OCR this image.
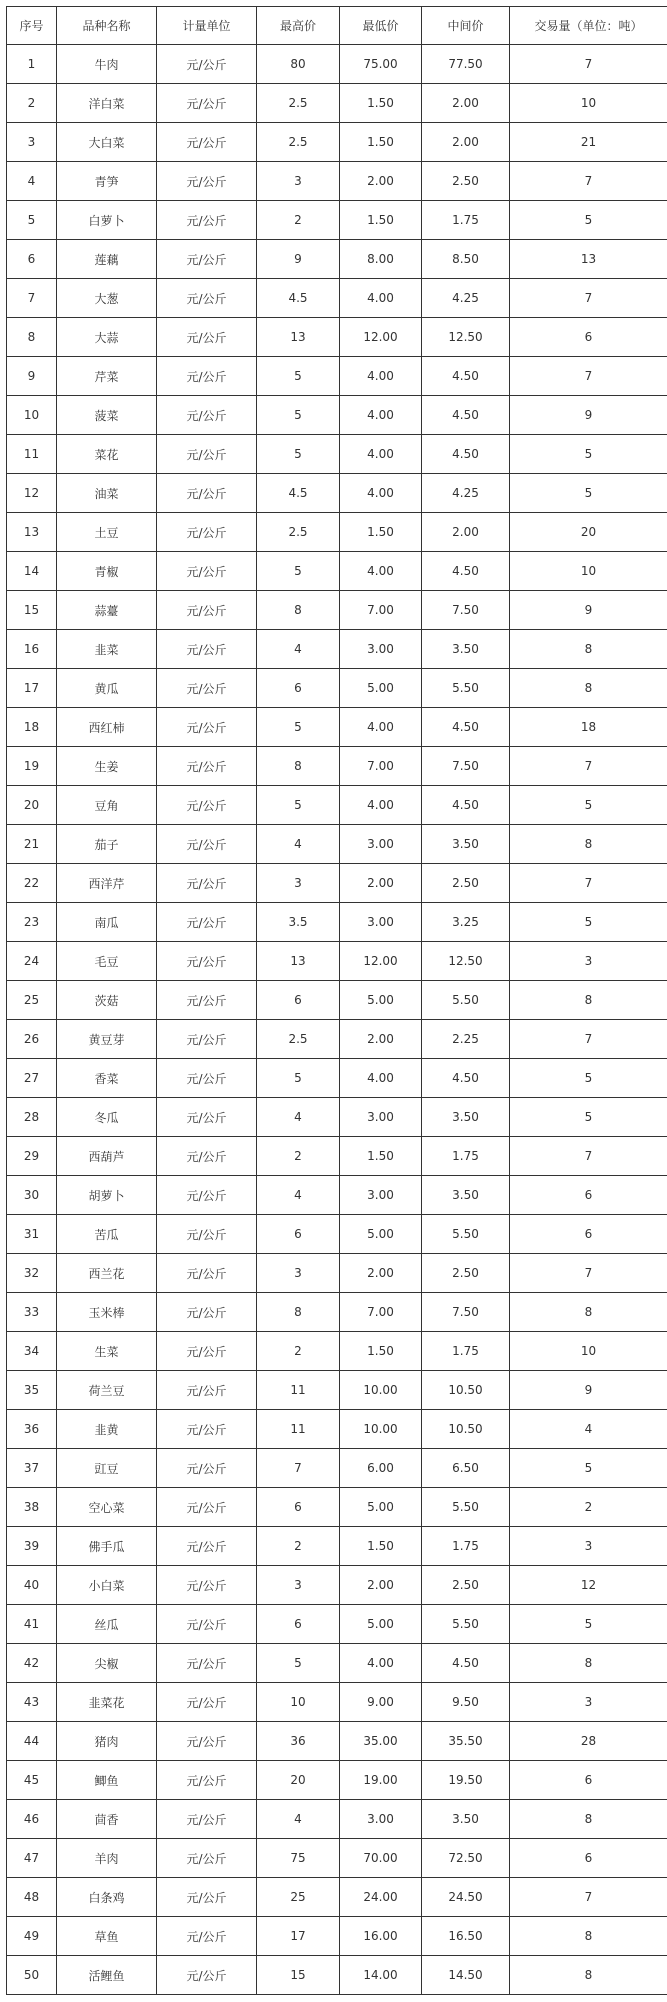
序号	品种名称	计量单位	最高价	最低价	中间价	交易量（单位：吨）
1	牛肉	元/公斤	80	75.00	77.50	7
2	洋白菜	元/公斤	2.5	1.50	2.00	10
3	大白菜	元/公斤	2.5	1.50	2.00	21
4	青笋	元/公斤	3	2.00	2.50	7
5	白萝卜	元/公斤	2	1.50	1.75	5
6	莲藕	元/公斤	9	8.00	8.50	13
7	大葱	元/公斤	4.5	4.00	4.25	7
8	大蒜	元/公斤	13	12.00	12.50	6
9	芹菜	元/公斤	5	4.00	4.50	7
10	菠菜	元/公斤	5	4.00	4.50	9
11	菜花	元/公斤	5	4.00	4.50	5
12	油菜	元/公斤	4.5	4.00	4.25	5
13	土豆	元/公斤	2.5	1.50	2.00	20
14	青椒	元/公斤	5	4.00	4.50	10
15	蒜薹	元/公斤	8	7.00	7.50	9
16	韭菜	元/公斤	4	3.00	3.50	8
17	黄瓜	元/公斤	6	5.00	5.50	8
18	西红柿	元/公斤	5	4.00	4.50	18
19	生姜	元/公斤	8	7.00	7.50	7
20	豆角	元/公斤	5	4.00	4.50	5
21	茄子	元/公斤	4	3.00	3.50	8
22	西洋芹	元/公斤	3	2.00	2.50	7
23	南瓜	元/公斤	3.5	3.00	3.25	5
24	毛豆	元/公斤	13	12.00	12.50	3
25	茨菇	元/公斤	6	5.00	5.50	8
26	黄豆芽	元/公斤	2.5	2.00	2.25	7
27	香菜	元/公斤	5	4.00	4.50	5
28	冬瓜	元/公斤	4	3.00	3.50	5
29	西葫芦	元/公斤	2	1.50	1.75	7
30	胡萝卜	元/公斤	4	3.00	3.50	6
31	苦瓜	元/公斤	6	5.00	5.50	6
32	西兰花	元/公斤	3	2.00	2.50	7
33	玉米棒	元/公斤	8	7.00	7.50	8
34	生菜	元/公斤	2	1.50	1.75	10
35	荷兰豆	元/公斤	11	10.00	10.50	9
36	韭黄	元/公斤	11	10.00	10.50	4
37	豇豆	元/公斤	7	6.00	6.50	5
38	空心菜	元/公斤	6	5.00	5.50	2
39	佛手瓜	元/公斤	2	1.50	1.75	3
40	小白菜	元/公斤	3	2.00	2.50	12
41	丝瓜	元/公斤	6	5.00	5.50	5
42	尖椒	元/公斤	5	4.00	4.50	8
43	韭菜花	元/公斤	10	9.00	9.50	3
44	猪肉	元/公斤	36	35.00	35.50	28
45	鲫鱼	元/公斤	20	19.00	19.50	6
46	茴香	元/公斤	4	3.00	3.50	8
47	羊肉	元/公斤	75	70.00	72.50	6
48	白条鸡	元/公斤	25	24.00	24.50	7
49	草鱼	元/公斤	17	16.00	16.50	8
50	活鲤鱼	元/公斤	15	14.00	14.50	8
